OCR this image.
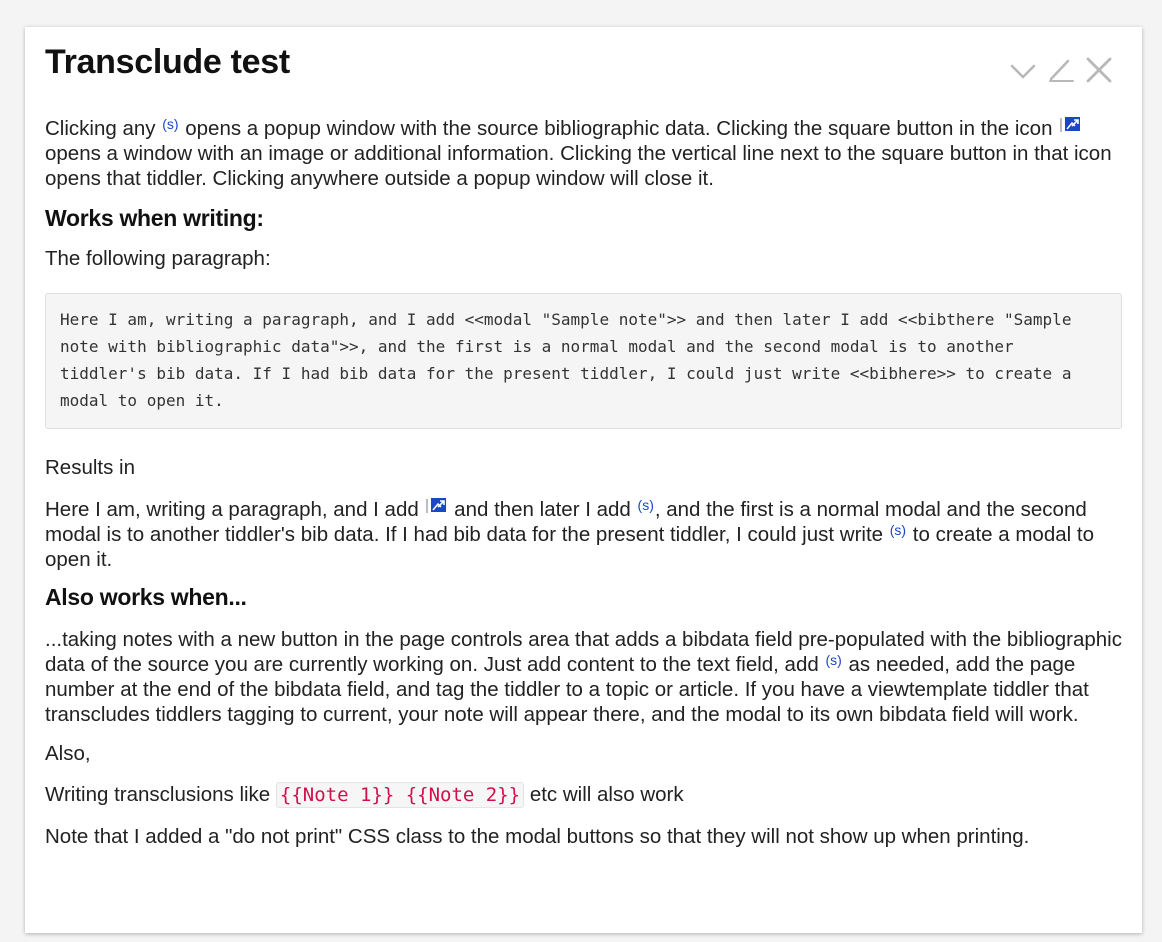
Transclude test

Clicking any $^{(s)}$ opens a popup window with the source bibliographic data. Clicking the square button in the icon
opens a window with an image or additional information. Clicking the vertical line next to the square button in that icon opens that tiddler. Clicking anywhere outside a popup window will close it.

Works when writing:

The following paragraph:

Here I am, writing a paragraph, and I add <<modal "Sample note">> and then later I add <<bibthere "Sample note with bibliographic data">>, and the first is a normal modal and the second modal is to another tiddler's bib data. If I had bib data for the present tiddler, I could just write <<bibhere>> to create a modal to open it.

Results in

Here I am, writing a paragraph, and I add
and then later I add $^{(s)}$, and the first is a normal modal and the second modal is to another tiddler's bib data. If I had bib data for the present tiddler, I could just write $^{(s)}$ to create a modal to open it.

Also works when...

...taking notes with a new button in the page controls area that adds a bibdata field pre-populated with the bibliographic data of the source you are currently working on. Just add content to the text field, add $^{(s)}$ as needed, add the page number at the end of the bibdata field, and tag the tiddler to a topic or article. If you have a viewtemplate tiddler that transcludes tiddlers tagging to current, your note will appear there, and the modal to its own bibdata field will work.

Also,

Writing transclusions like {{Note 1}} {{Note 2}} etc will also work

Note that I added a "do not print" CSS class to the modal buttons so that they will not show up when printing.
